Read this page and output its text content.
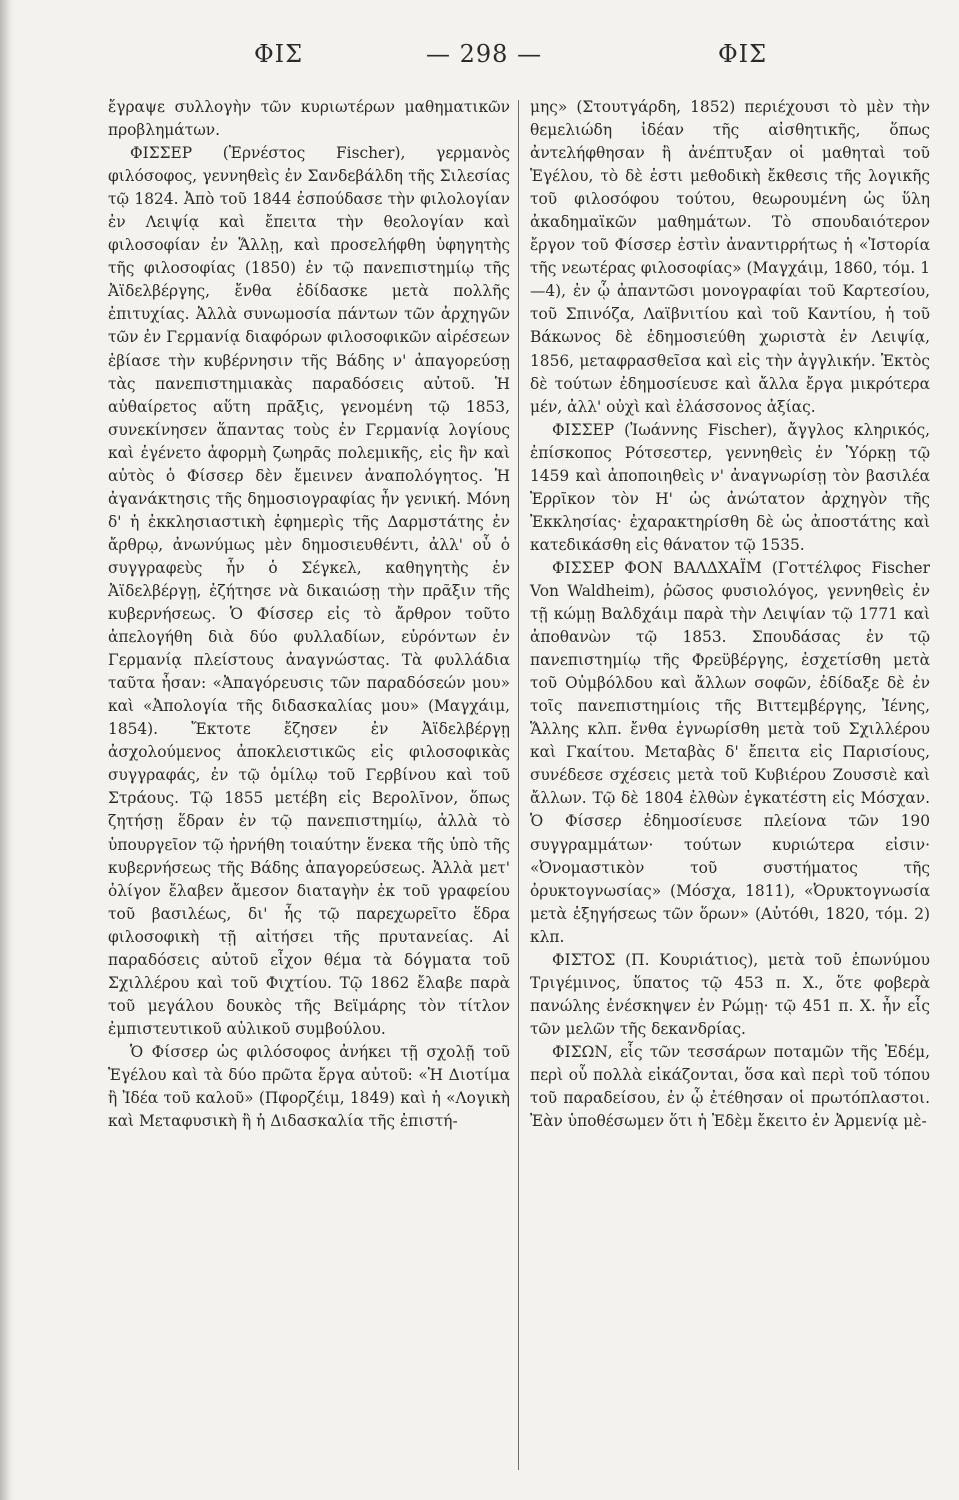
ΦΙΣ	— 298 —	ΦΙΣ

ἔγραψε συλλογὴν τῶν κυριωτέρων μαθηματικῶν προβλημάτων.

ΦΙΣΣΕΡ (Ἐρνέστος Fischer), γερμανὸς φιλόσοφος, γεννηθεὶς ἐν Σανδεβάλδη τῆς Σιλεσίας τῷ 1824. Ἀπὸ τοῦ 1844 ἐσπούδασε τὴν φιλολογίαν ἐν Λειψίᾳ καὶ ἔπειτα τὴν θεολογίαν καὶ φιλοσοφίαν ἐν Ἅλλῃ, καὶ προσελήφθη ὑφηγητὴς τῆς φιλοσοφίας (1850) ἐν τῷ πανεπιστημίῳ τῆς Ἀϊδελβέργης, ἔνθα ἐδίδασκε μετὰ πολλῆς ἐπιτυχίας. Ἀλλὰ συνωμοσία πάντων τῶν ἀρχηγῶν τῶν ἐν Γερμανίᾳ διαφόρων φιλοσοφικῶν αἱρέσεων ἐβίασε τὴν κυβέρνησιν τῆς Βάδης ν' ἀπαγορεύσῃ τὰς πανεπιστημιακὰς παραδόσεις αὐτοῦ. Ἡ αὐθαίρετος αὕτη πρᾶξις, γενομένη τῷ 1853, συνεκίνησεν ἅπαντας τοὺς ἐν Γερμανίᾳ λογίους καὶ ἐγένετο ἀφορμὴ ζωηρᾶς πολεμικῆς, εἰς ἣν καὶ αὐτὸς ὁ Φίσσερ δὲν ἔμεινεν ἀναπολόγητος. Ἡ ἀγανάκτησις τῆς δημοσιογραφίας ἦν γενική. Μόνη δ' ἡ ἐκκλησιαστικὴ ἐφημερὶς τῆς Δαρμστάτης ἐν ἄρθρῳ, ἀνωνύμως μὲν δημοσιευθέντι, ἀλλ' οὗ ὁ συγγραφεὺς ἦν ὁ Σέγκελ, καθηγητὴς ἐν Ἀϊδελβέργῃ, ἐζήτησε νὰ δικαιώσῃ τὴν πρᾶξιν τῆς κυβερνήσεως. Ὁ Φίσσερ εἰς τὸ ἄρθρον τοῦτο ἀπελογήθη διὰ δύο φυλλαδίων, εὑρόντων ἐν Γερμανίᾳ πλείστους ἀναγνώστας. Τὰ φυλλάδια ταῦτα ἦσαν: «Ἀπαγόρευσις τῶν παραδόσεών μου» καὶ «Ἀπολογία τῆς διδασκαλίας μου» (Μαγχάιμ, 1854). Ἔκτοτε ἔζησεν ἐν Ἀϊδελβέργῃ ἀσχολούμενος ἀποκλειστικῶς εἰς φιλοσοφικὰς συγγραφάς, ἐν τῷ ὁμίλῳ τοῦ Γερβίνου καὶ τοῦ Στράους. Τῷ 1855 μετέβη εἰς Βερολῖνον, ὅπως ζητήσῃ ἕδραν ἐν τῷ πανεπιστημίῳ, ἀλλὰ τὸ ὑπουργεῖον τῷ ἠρνήθη τοιαύτην ἕνεκα τῆς ὑπὸ τῆς κυβερνήσεως τῆς Βάδης ἀπαγορεύσεως. Ἀλλὰ μετ' ὀλίγον ἔλαβεν ἄμεσον διαταγὴν ἐκ τοῦ γραφείου τοῦ βασιλέως, δι' ἧς τῷ παρεχωρεῖτο ἕδρα φιλοσοφικὴ τῇ αἰτήσει τῆς πρυτανείας. Αἱ παραδόσεις αὐτοῦ εἶχον θέμα τὰ δόγματα τοῦ Σχιλλέρου καὶ τοῦ Φιχτίου. Τῷ 1862 ἔλαβε παρὰ τοῦ μεγάλου δουκὸς τῆς Βεϊμάρης τὸν τίτλον ἐμπιστευτικοῦ αὐλικοῦ συμβούλου.

Ὁ Φίσσερ ὡς φιλόσοφος ἀνήκει τῇ σχολῇ τοῦ Ἑγέλου καὶ τὰ δύο πρῶτα ἔργα αὐτοῦ: «Ἡ Διοτίμα ἢ Ἰδέα τοῦ καλοῦ» (Πφορζέιμ, 1849) καὶ ἡ «Λογικὴ καὶ Μεταφυσικὴ ἢ ἡ Διδασκαλία τῆς ἐπιστή-

μης» (Στουτγάρδη, 1852) περιέχουσι τὸ μὲν τὴν θεμελιώδη ἰδέαν τῆς αἰσθητικῆς, ὅπως ἀντελήφθησαν ἢ ἀνέπτυξαν οἱ μαθηταὶ τοῦ Ἑγέλου, τὸ δὲ ἐστι μεθοδικὴ ἔκθεσις τῆς λογικῆς τοῦ φιλοσόφου τούτου, θεωρουμένη ὡς ὕλη ἀκαδημαϊκῶν μαθημάτων. Τὸ σπουδαιότερον ἔργον τοῦ Φίσσερ ἐστὶν ἀναντιρρήτως ἡ «Ἱστορία τῆς νεωτέρας φιλοσοφίας» (Μαγχάιμ, 1860, τόμ. 1—4), ἐν ᾧ ἀπαντῶσι μονογραφίαι τοῦ Καρτεσίου, τοῦ Σπινόζα, Λαϊβνιτίου καὶ τοῦ Καντίου, ἡ τοῦ Βάκωνος δὲ ἐδημοσιεύθη χωριστὰ ἐν Λειψίᾳ, 1856, μεταφρασθεῖσα καὶ εἰς τὴν ἀγγλικήν. Ἐκτὸς δὲ τούτων ἐδημοσίευσε καὶ ἄλλα ἔργα μικρότερα μέν, ἀλλ' οὐχὶ καὶ ἐλάσσονος ἀξίας.

ΦΙΣΣΕΡ (Ἰωάννης Fischer), ἄγγλος κληρικός, ἐπίσκοπος Ρότσεστερ, γεννηθεὶς ἐν Ὑόρκῃ τῷ 1459 καὶ ἀποποιηθεὶς ν' ἀναγνωρίσῃ τὸν βασιλέα Ἑρρῖκον τὸν Η' ὡς ἀνώτατον ἀρχηγὸν τῆς Ἐκκλησίας· ἐχαρακτηρίσθη δὲ ὡς ἀποστάτης καὶ κατεδικάσθη εἰς θάνατον τῷ 1535.

ΦΙΣΣΕΡ ΦΟΝ ΒΑΛΔΧΑΪΜ (Γοττέλφος Fischer Von Waldheim), ῥῶσος φυσιολόγος, γεννηθεὶς ἐν τῇ κώμῃ Βαλδχάιμ παρὰ τὴν Λειψίαν τῷ 1771 καὶ ἀποθανὼν τῷ 1853. Σπουδάσας ἐν τῷ πανεπιστημίῳ τῆς Φρεϋβέργης, ἐσχετίσθη μετὰ τοῦ Οὐμβόλδου καὶ ἄλλων σοφῶν, ἐδίδαξε δὲ ἐν τοῖς πανεπιστημίοις τῆς Βιττεμβέργης, Ἰένης, Ἅλλης κλπ. ἔνθα ἐγνωρίσθη μετὰ τοῦ Σχιλλέρου καὶ Γκαίτου. Μεταβὰς δ' ἔπειτα εἰς Παρισίους, συνέδεσε σχέσεις μετὰ τοῦ Κυβιέρου Ζουσσιὲ καὶ ἄλλων. Τῷ δὲ 1804 ἐλθὼν ἐγκατέστη εἰς Μόσχαν. Ὁ Φίσσερ ἐδημοσίευσε πλείονα τῶν 190 συγγραμμάτων· τούτων κυριώτερα εἰσιν· «Ὀνομαστικὸν τοῦ συστήματος τῆς ὀρυκτογνωσίας» (Μόσχα, 1811), «Ὀρυκτογνωσία μετὰ ἐξηγήσεως τῶν ὅρων» (Αὐτόθι, 1820, τόμ. 2) κλπ.

ΦΙΣΤΟΣ (Π. Κουριάτιος), μετὰ τοῦ ἐπωνύμου Τριγέμινος, ὕπατος τῷ 453 π. Χ., ὅτε φοβερὰ πανώλης ἐνέσκηψεν ἐν Ρώμῃ· τῷ 451 π. Χ. ἦν εἷς τῶν μελῶν τῆς δεκανδρίας.

ΦΙΣΩΝ, εἷς τῶν τεσσάρων ποταμῶν τῆς Ἐδέμ, περὶ οὗ πολλὰ εἰκάζονται, ὅσα καὶ περὶ τοῦ τόπου τοῦ παραδείσου, ἐν ᾧ ἐτέθησαν οἱ πρωτόπλαστοι. Ἐὰν ὑποθέσωμεν ὅτι ἡ Ἐδὲμ ἔκειτο ἐν Ἀρμενίᾳ μὲ-
